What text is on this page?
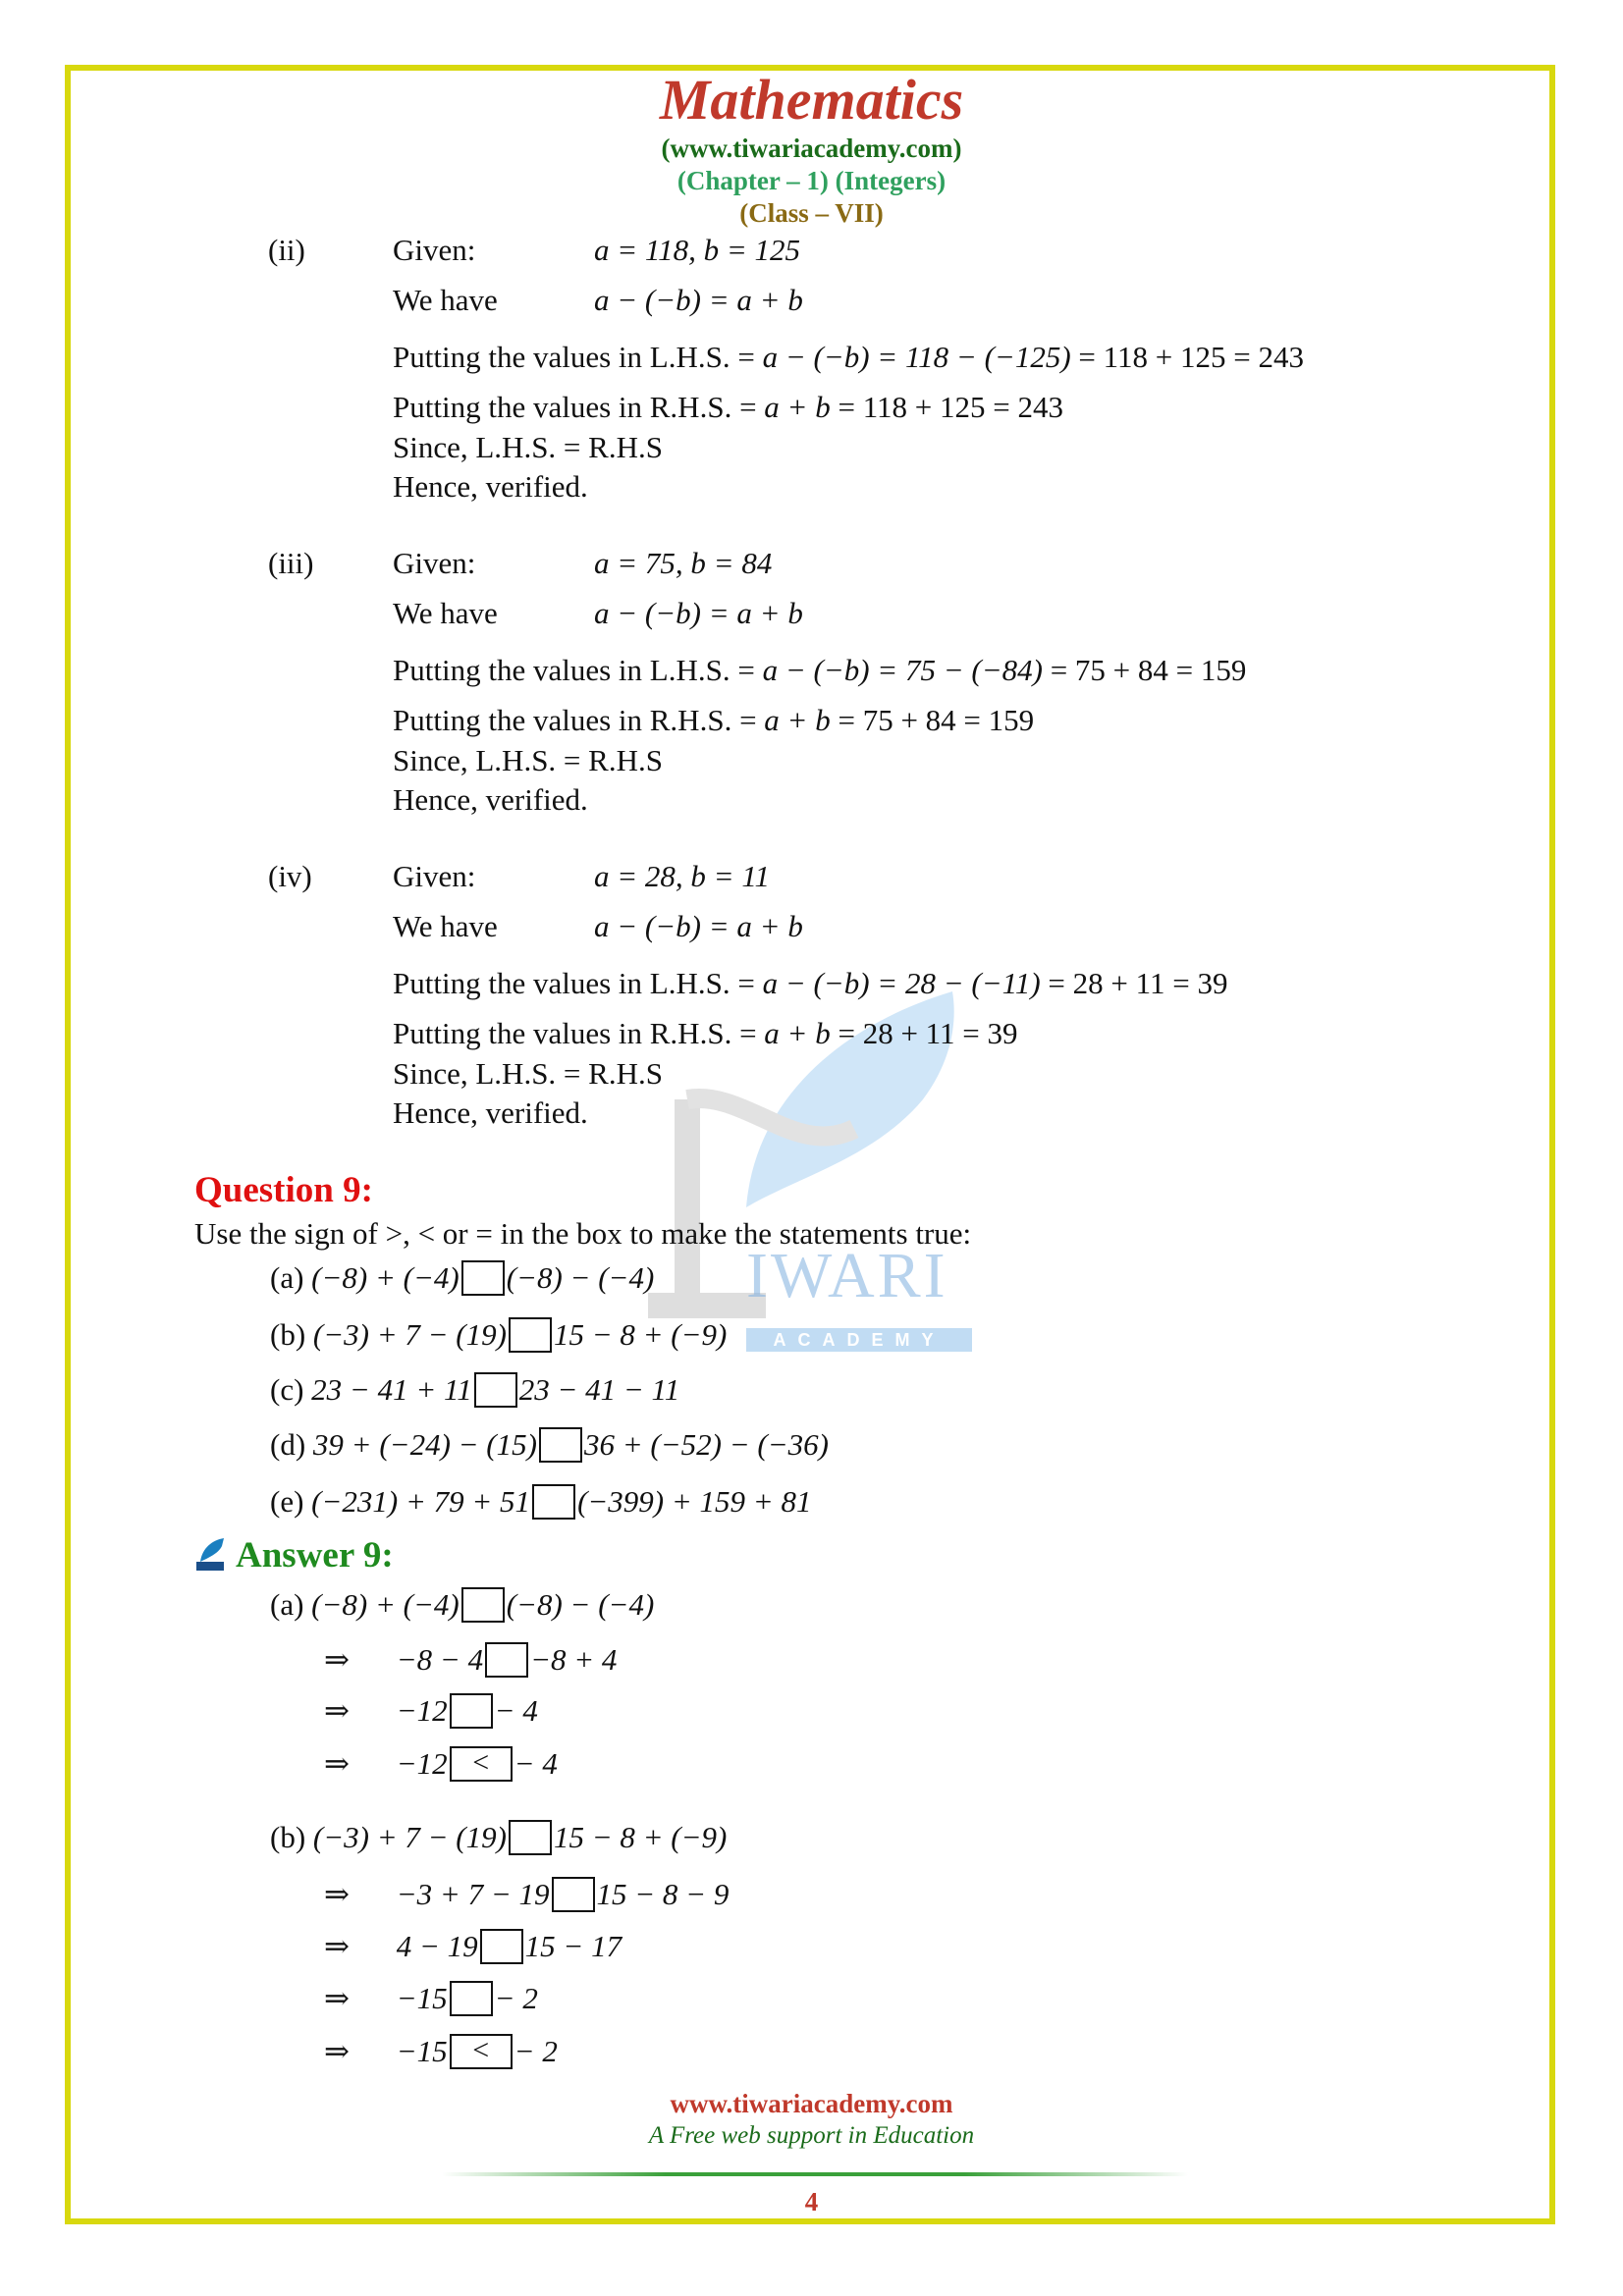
IWARI
ACADEMY
Mathematics
(www.tiwariacademy.com)
(Chapter – 1) (Integers)
(Class – VII)
(ii)	Given:	a = 118, b = 125
We have	a − (−b) = a + b
Putting the values in L.H.S. = a − (−b) = 118 − (−125) = 118 + 125 = 243
Putting the values in R.H.S. = a + b = 118 + 125 = 243
Since, L.H.S. = R.H.S
Hence, verified.
(iii)	Given:	a = 75, b = 84
We have	a − (−b) = a + b
Putting the values in L.H.S. = a − (−b) = 75 − (−84) = 75 + 84 = 159
Putting the values in R.H.S. = a + b = 75 + 84 = 159
Since, L.H.S. = R.H.S
Hence, verified.
(iv)	Given:	a = 28, b = 11
We have	a − (−b) = a + b
Putting the values in L.H.S. = a − (−b) = 28 − (−11) = 28 + 11 = 39
Putting the values in R.H.S. = a + b = 28 + 11 = 39
Since, L.H.S. = R.H.S
Hence, verified.
Question 9:
Use the sign of >, < or = in the box to make the statements true:
(a) (−8) + (−4) (−8) − (−4)
(b) (−3) + 7 − (19) 15 − 8 + (−9)
(c) 23 − 41 + 11 23 − 41 − 11
(d) 39 + (−24) − (15) 36 + (−52) − (−36)
(e) (−231) + 79 + 51 (−399) + 159 + 81
Answer 9:
(a) (−8) + (−4) (−8) − (−4)
⇒ −8 − 4 −8 + 4
⇒ −12 − 4
⇒ −12 < − 4
(b) (−3) + 7 − (19) 15 − 8 + (−9)
⇒ −3 + 7 − 19 15 − 8 − 9
⇒ 4 − 19 15 − 17
⇒ −15 − 2
⇒ −15 < − 2
www.tiwariacademy.com
A Free web support in Education
4
